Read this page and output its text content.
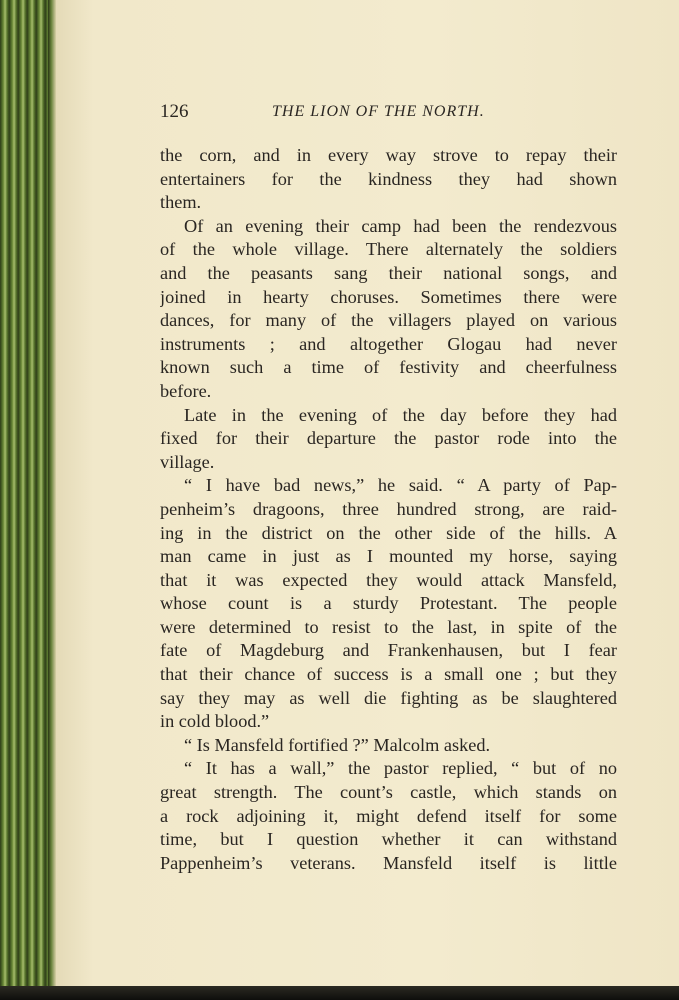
126	THE LION OF THE NORTH.
the corn, and in every way strove to repay their
entertainers for the kindness they had shown
them.
Of an evening their camp had been the rendezvous
of the whole village. There alternately the soldiers
and the peasants sang their national songs, and
joined in hearty choruses. Sometimes there were
dances, for many of the villagers played on various
instruments ; and altogether Glogau had never
known such a time of festivity and cheerfulness
before.
Late in the evening of the day before they had
fixed for their departure the pastor rode into the
village.
“ I have bad news,” he said. “ A party of Pap-
penheim’s dragoons, three hundred strong, are raid-
ing in the district on the other side of the hills. A
man came in just as I mounted my horse, saying
that it was expected they would attack Mansfeld,
whose count is a sturdy Protestant. The people
were determined to resist to the last, in spite of the
fate of Magdeburg and Frankenhausen, but I fear
that their chance of success is a small one ; but they
say they may as well die fighting as be slaughtered
in cold blood.”
“ Is Mansfeld fortified ?” Malcolm asked.
“ It has a wall,” the pastor replied, “ but of no
great strength. The count’s castle, which stands on
a rock adjoining it, might defend itself for some
time, but I question whether it can withstand
Pappenheim’s veterans. Mansfeld itself is little
